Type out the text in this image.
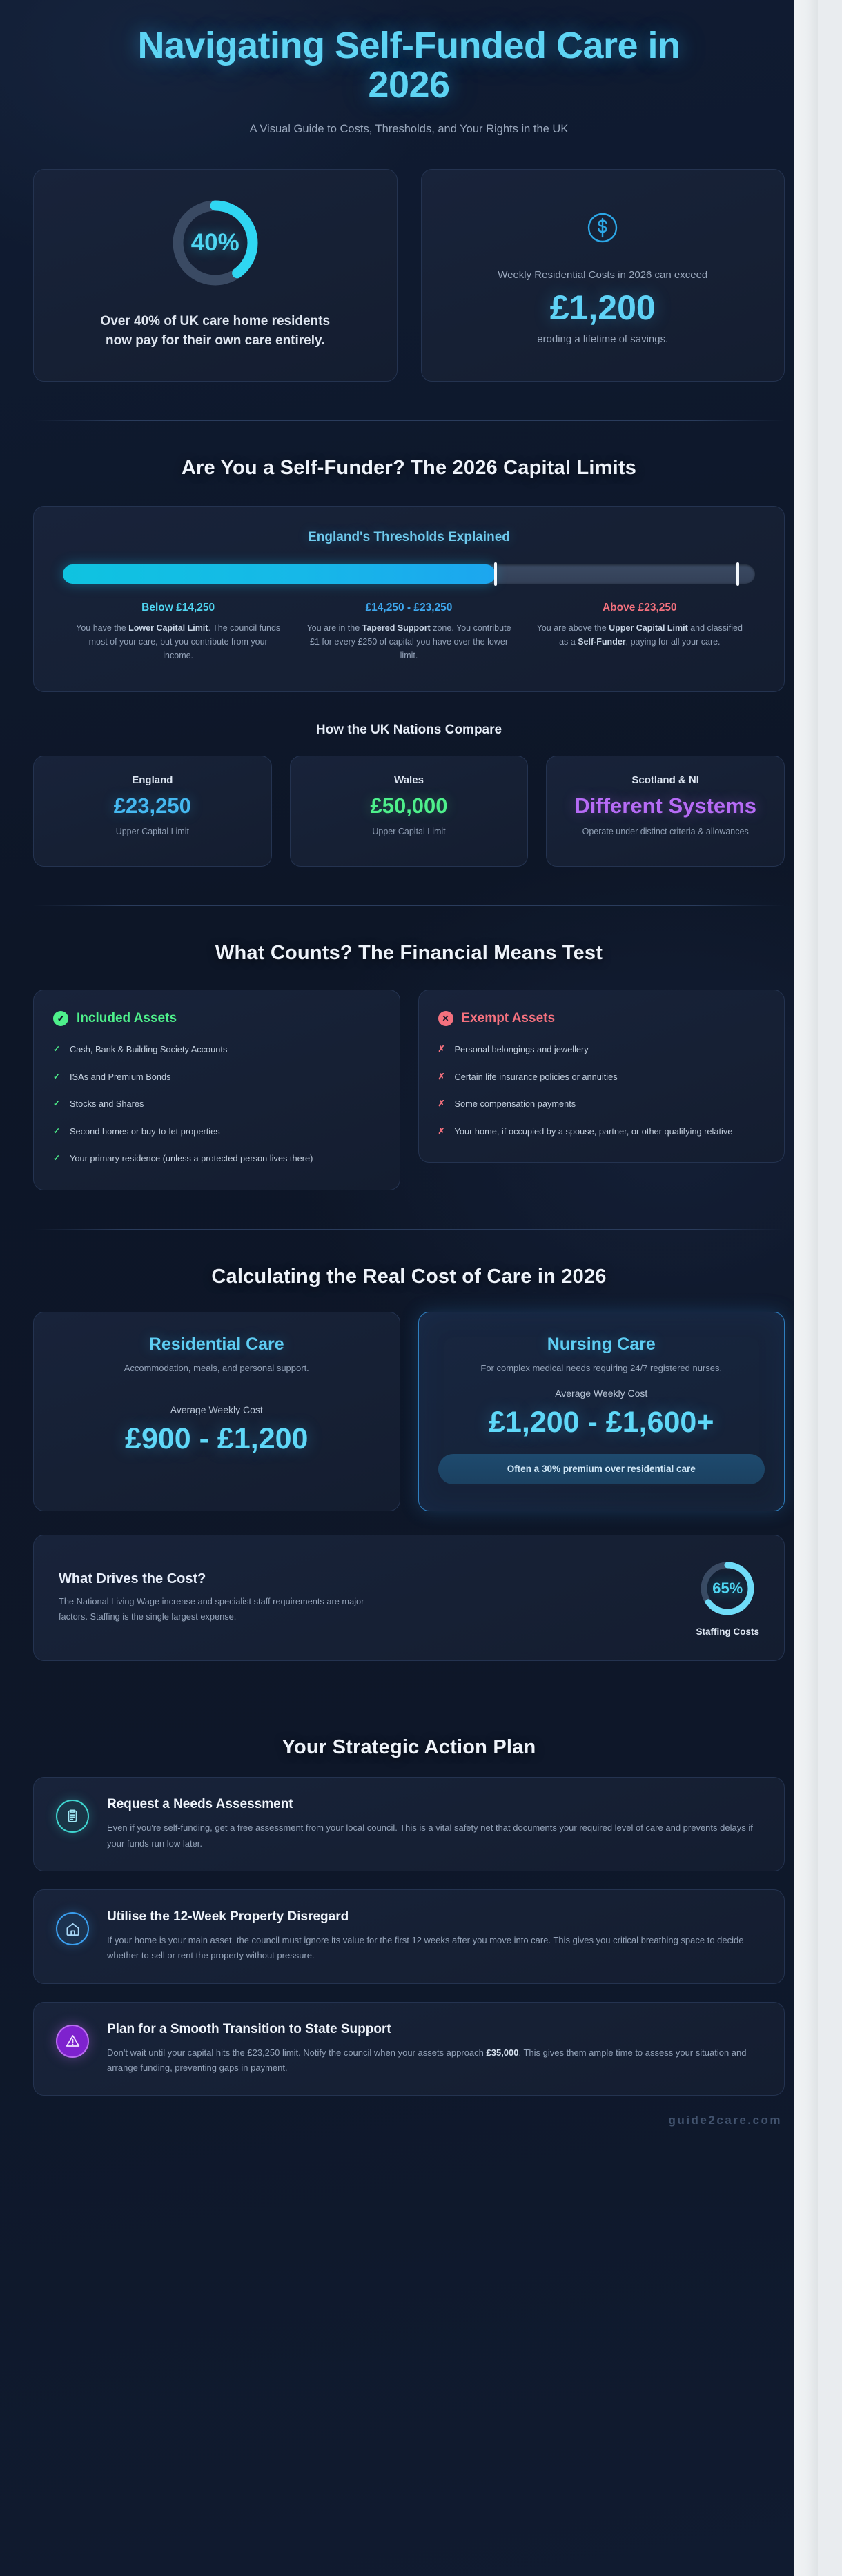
Navigating Self-Funded Care in 2026

A Visual Guide to Costs, Thresholds, and Your Rights in the UK

40%
Over 40% of UK care home residents now pay for their own care entirely.
Weekly Residential Costs in 2026 can exceed
£1,200
eroding a lifetime of savings.
Are You a Self-Funder? The 2026 Capital Limits
England's Thresholds Explained
Below £14,250

You have the Lower Capital Limit. The council funds most of your care, but you contribute from your income.

£14,250 - £23,250

You are in the Tapered Support zone. You contribute £1 for every £250 of capital you have over the lower limit.

Above £23,250

You are above the Upper Capital Limit and classified as a Self-Funder, paying for all your care.

How the UK Nations Compare
England
£23,250
Upper Capital Limit
Wales
£50,000
Upper Capital Limit
Scotland & NI
Different Systems
Operate under distinct criteria & allowances
What Counts? The Financial Means Test
✔ Included Assets
✓ Cash, Bank & Building Society Accounts
✓ ISAs and Premium Bonds
✓ Stocks and Shares
✓ Second homes or buy-to-let properties
✓ Your primary residence (unless a protected person lives there)
✕ Exempt Assets
✗ Personal belongings and jewellery
✗ Certain life insurance policies or annuities
✗ Some compensation payments
✗ Your home, if occupied by a spouse, partner, or other qualifying relative
Calculating the Real Cost of Care in 2026
Residential Care
Accommodation, meals, and personal support.
Average Weekly Cost
£900 - £1,200
Nursing Care
For complex medical needs requiring 24/7 registered nurses.
Average Weekly Cost
£1,200 - £1,600+
Often a 30% premium over residential care
What Drives the Cost?

The National Living Wage increase and specialist staff requirements are major factors. Staffing is the single largest expense.

65%
Staffing Costs
Your Strategic Action Plan
Request a Needs Assessment

Even if you're self-funding, get a free assessment from your local council. This is a vital safety net that documents your required level of care and prevents delays if your funds run low later.

Utilise the 12-Week Property Disregard

If your home is your main asset, the council must ignore its value for the first 12 weeks after you move into care. This gives you critical breathing space to decide whether to sell or rent the property without pressure.

Plan for a Smooth Transition to State Support

Don't wait until your capital hits the £23,250 limit. Notify the council when your assets approach £35,000. This gives them ample time to assess your situation and arrange funding, preventing gaps in payment.

guide2care.com
